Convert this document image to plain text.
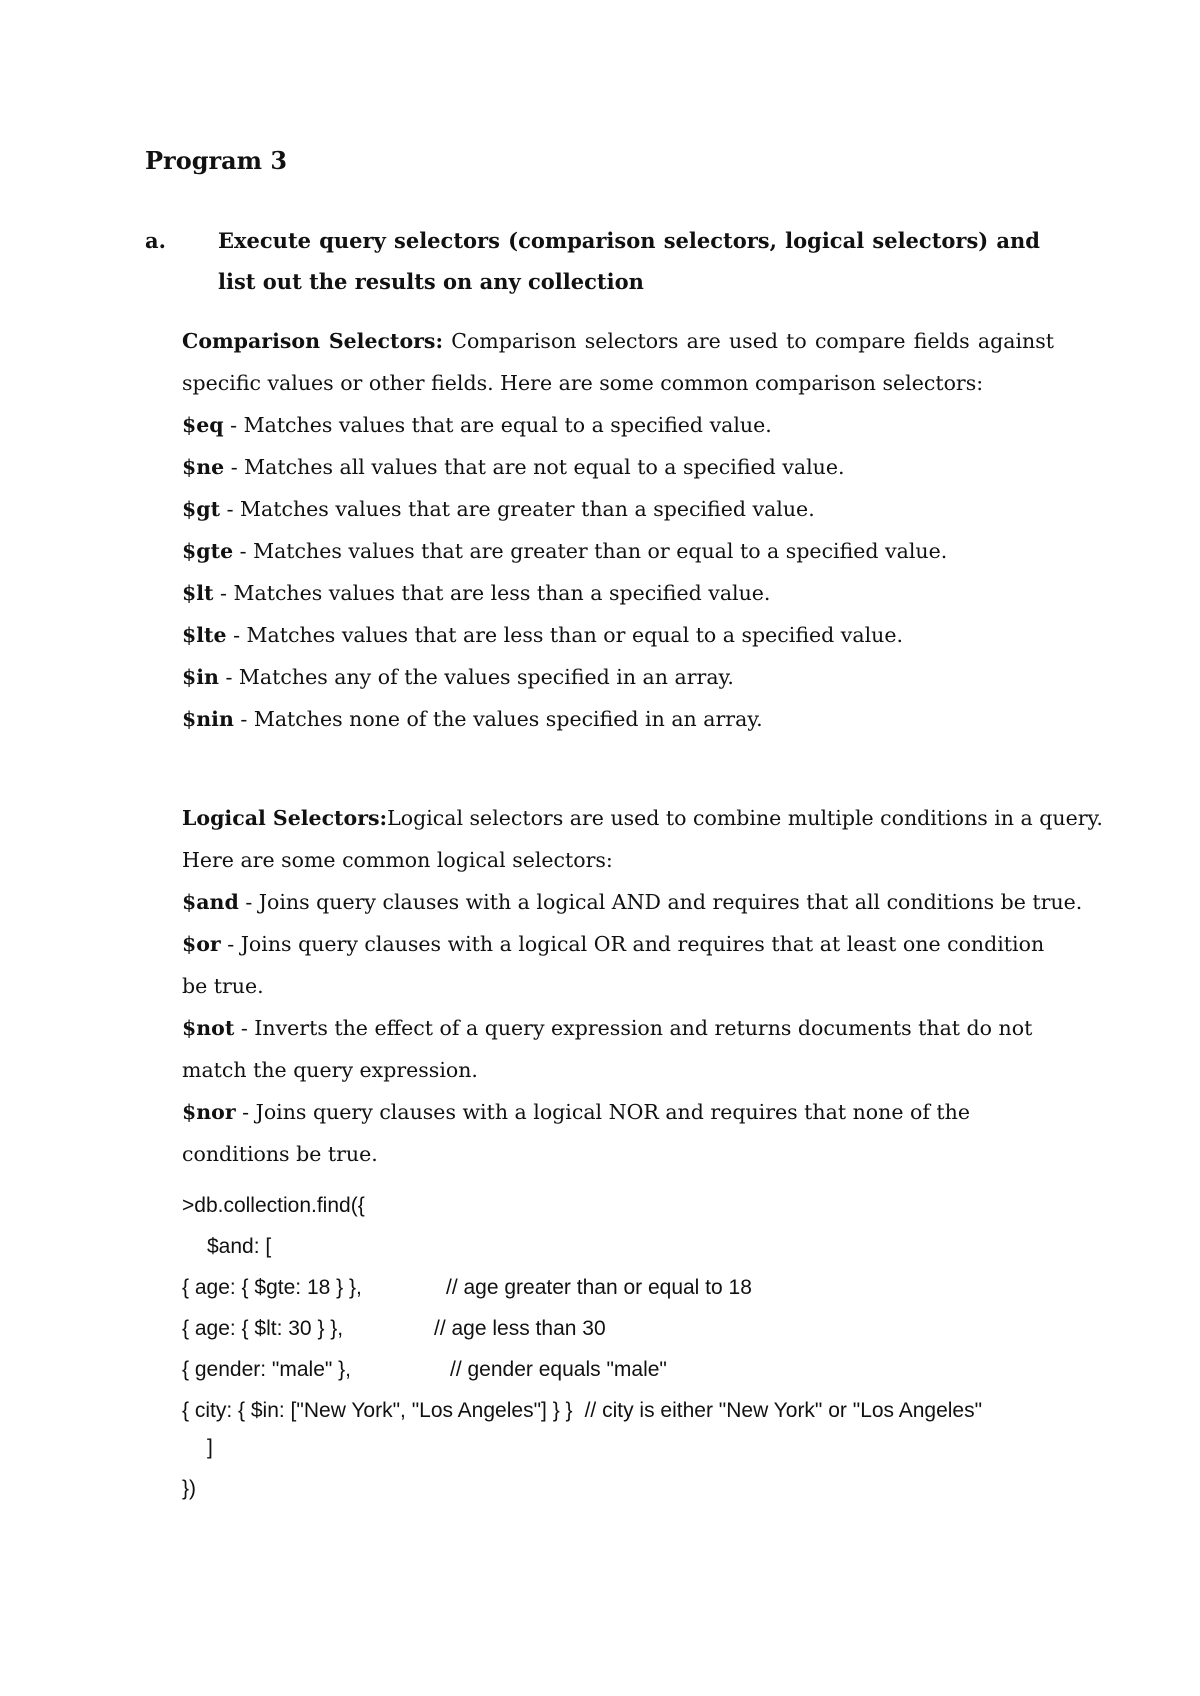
Program 3
a. Execute query selectors (comparison selectors, logical selectors) and list out the results on any collection
Comparison Selectors: Comparison selectors are used to compare fields against specific values or other fields. Here are some common comparison selectors:
$eq - Matches values that are equal to a specified value.
$ne - Matches all values that are not equal to a specified value.
$gt - Matches values that are greater than a specified value.
$gte - Matches values that are greater than or equal to a specified value.
$lt - Matches values that are less than a specified value.
$lte - Matches values that are less than or equal to a specified value.
$in - Matches any of the values specified in an array.
$nin - Matches none of the values specified in an array.
Logical Selectors:Logical selectors are used to combine multiple conditions in a query.
Here are some common logical selectors:
$and - Joins query clauses with a logical AND and requires that all conditions be true.
$or - Joins query clauses with a logical OR and requires that at least one condition be true.
$not - Inverts the effect of a query expression and returns documents that do not match the query expression.
$nor - Joins query clauses with a logical NOR and requires that none of the conditions be true.
>db.collection.find({
$and: [
{ age: { $gte: 18 } },	// age greater than or equal to 18
{ age: { $lt: 30 } },	// age less than 30
{ gender: "male" },	// gender equals "male"
{ city: { $in: ["New York", "Los Angeles"] } } // city is either "New York" or "Los Angeles"
]
})
